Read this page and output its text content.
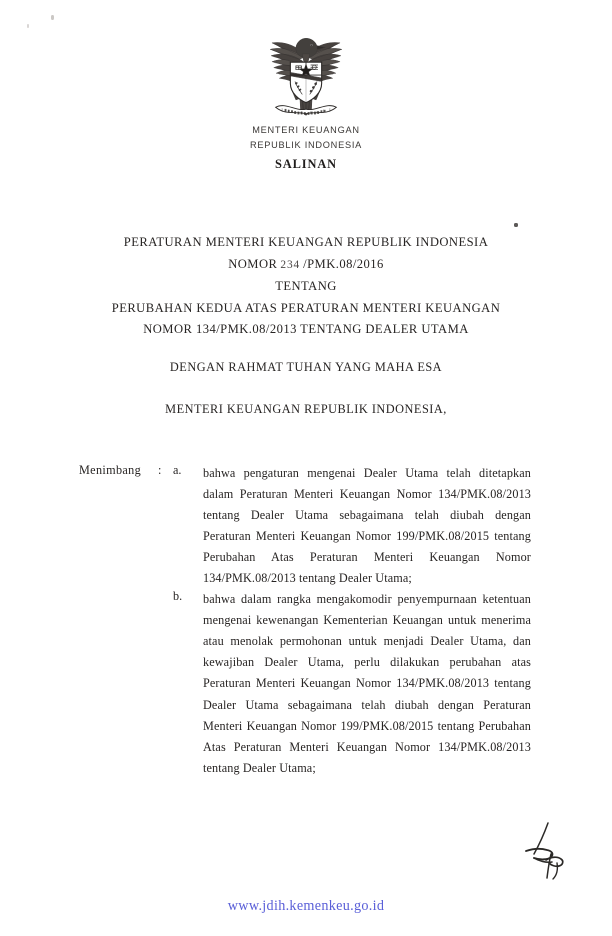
MENTERI KEUANGAN
REPUBLIK INDONESIA
SALINAN
PERATURAN MENTERI KEUANGAN REPUBLIK INDONESIA
NOMOR 234 /PMK.08/2016
TENTANG
PERUBAHAN KEDUA ATAS PERATURAN MENTERI KEUANGAN
NOMOR 134/PMK.08/2013 TENTANG DEALER UTAMA
DENGAN RAHMAT TUHAN YANG MAHA ESA
MENTERI KEUANGAN REPUBLIK INDONESIA,
Menimbang : a.	bahwa pengaturan mengenai Dealer Utama telah ditetapkan dalam Peraturan Menteri Keuangan Nomor 134/PMK.08/2013 tentang Dealer Utama sebagaimana telah diubah dengan Peraturan Menteri Keuangan Nomor 199/PMK.08/2015 tentang Perubahan Atas Peraturan Menteri Keuangan Nomor 134/PMK.08/2013 tentang Dealer Utama;
b.	bahwa dalam rangka mengakomodir penyempurnaan ketentuan mengenai kewenangan Kementerian Keuangan untuk menerima atau menolak permohonan untuk menjadi Dealer Utama, dan kewajiban Dealer Utama, perlu dilakukan perubahan atas Peraturan Menteri Keuangan Nomor 134/PMK.08/2013 tentang Dealer Utama sebagaimana telah diubah dengan Peraturan Menteri Keuangan Nomor 199/PMK.08/2015 tentang Perubahan Atas Peraturan Menteri Keuangan Nomor 134/PMK.08/2013 tentang Dealer Utama;
www.jdih.kemenkeu.go.id
